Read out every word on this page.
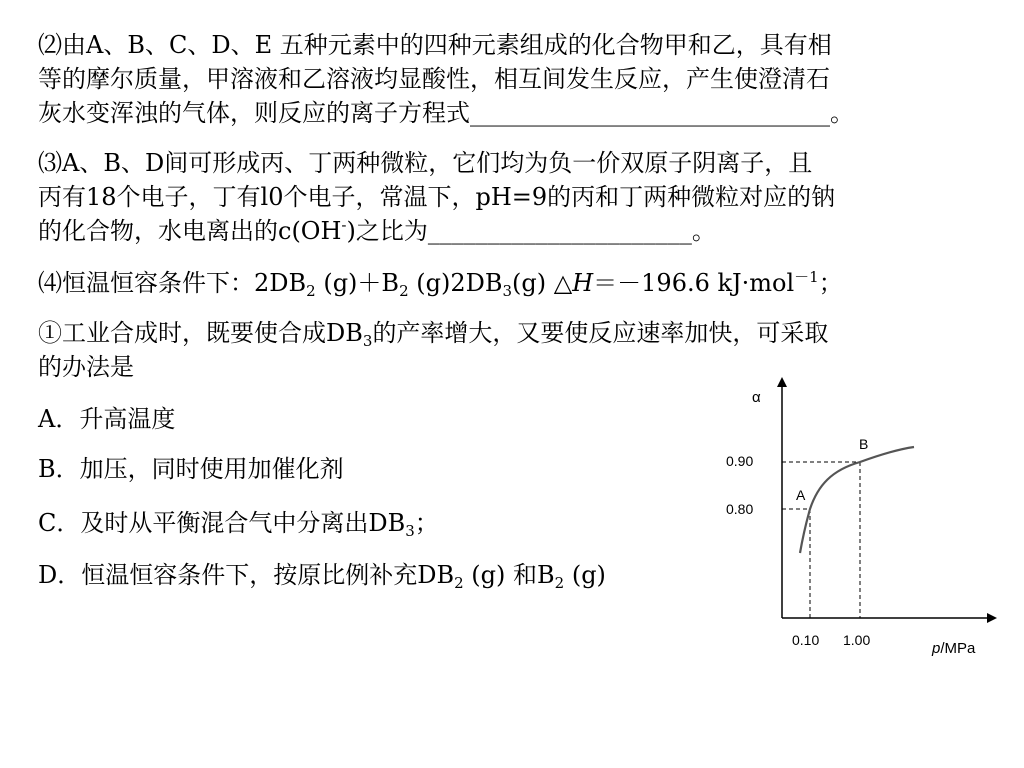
⑵由A、B、C、D、E 五种元素中的四种元素组成的化合物甲和乙，具有相
等的摩尔质量，甲溶液和乙溶液均显酸性，相互间发生反应，产生使澄清石
灰水变浑浊的气体，则反应的离子方程式______________________________。
⑶A、B、D间可形成丙、丁两种微粒，它们均为负一价双原子阴离子，且
丙有18个电子，丁有l0个电子，常温下，pH=9的丙和丁两种微粒对应的钠
的化合物，水电离出的c(OH-)之比为______________________。
⑷恒温恒容条件下：$2DB_2$ $(g)+B_2$ $(g)2DB_3(g)$ △H＝－196.6 kJ·mol$^{-1}$；
①工业合成时，既要使合成$DB_3$的产率增大，又要使反应速率加快，可采取
的办法是
A．升高温度
B．加压，同时使用加催化剂
C．及时从平衡混合气中分离出$DB_3$；
D．恒温恒容条件下，按原比例补充$DB_2$ (g) 和$B_2$ (g)
α
p/MPa
0.90
0.80
0.10 1.00
A
B
